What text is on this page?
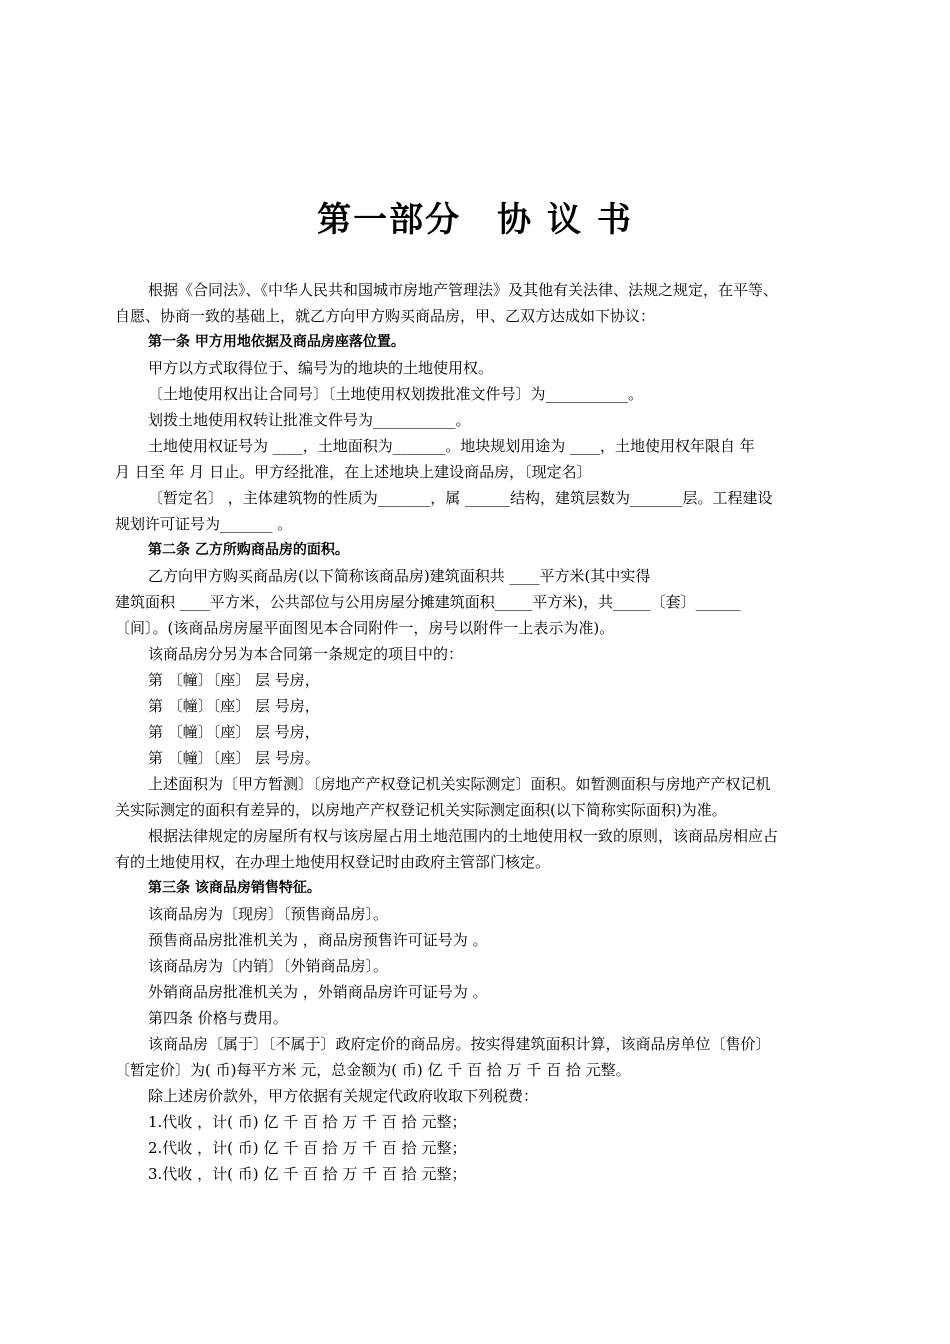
第一部分　协 议 书

根据《合同法》、《中华人民共和国城市房地产管理法》及其他有关法律、法规之规定，在平等、

自愿、协商一致的基础上，就乙方向甲方购买商品房，甲、乙双方达成如下协议：

第一条 甲方用地依据及商品房座落位置。

甲方以方式取得位于、编号为的地块的土地使用权。

〔土地使用权出让合同号〕〔土地使用权划拨批准文件号〕为___________。

划拨土地使用权转让批准文件号为___________。

土地使用权证号为 ____，土地面积为_______。地块规划用途为 ____，土地使用权年限自 年

月 日至 年 月 日止。甲方经批准，在上述地块上建设商品房，〔现定名〕

〔暂定名〕 ，主体建筑物的性质为_______，属 ______结构，建筑层数为_______层。工程建设

规划许可证号为_______ 。

第二条 乙方所购商品房的面积。

乙方向甲方购买商品房(以下简称该商品房)建筑面积共 ____平方米(其中实得

建筑面积 ____平方米，公共部位与公用房屋分摊建筑面积_____平方米)，共_____〔套〕______

〔间〕。(该商品房房屋平面图见本合同附件一，房号以附件一上表示为准)。

该商品房分另为本合同第一条规定的项目中的：

第 〔幢〕〔座〕 层 号房，

第 〔幢〕〔座〕 层 号房，

第 〔幢〕〔座〕 层 号房，

第 〔幢〕〔座〕 层 号房。

上述面积为〔甲方暂测〕〔房地产产权登记机关实际测定〕面积。如暂测面积与房地产产权记机

关实际测定的面积有差异的，以房地产产权登记机关实际测定面积(以下简称实际面积)为准。

根据法律规定的房屋所有权与该房屋占用土地范围内的土地使用权一致的原则，该商品房相应占

有的土地使用权，在办理土地使用权登记时由政府主管部门核定。

第三条 该商品房销售特征。

该商品房为〔现房〕〔预售商品房〕。

预售商品房批准机关为 ，商品房预售许可证号为 。

该商品房为〔内销〕〔外销商品房〕。

外销商品房批准机关为 ，外销商品房许可证号为 。

第四条 价格与费用。

该商品房〔属于〕〔不属于〕政府定价的商品房。按实得建筑面积计算，该商品房单位〔售价〕

〔暂定价〕为( 币)每平方米 元，总金额为( 币) 亿 千 百 拾 万 千 百 拾 元整。

除上述房价款外，甲方依据有关规定代政府收取下列税费：

1.代收 ，计( 币) 亿 千 百 拾 万 千 百 拾 元整；

2.代收 ，计( 币) 亿 千 百 拾 万 千 百 拾 元整；

3.代收 ，计( 币) 亿 千 百 拾 万 千 百 拾 元整；
